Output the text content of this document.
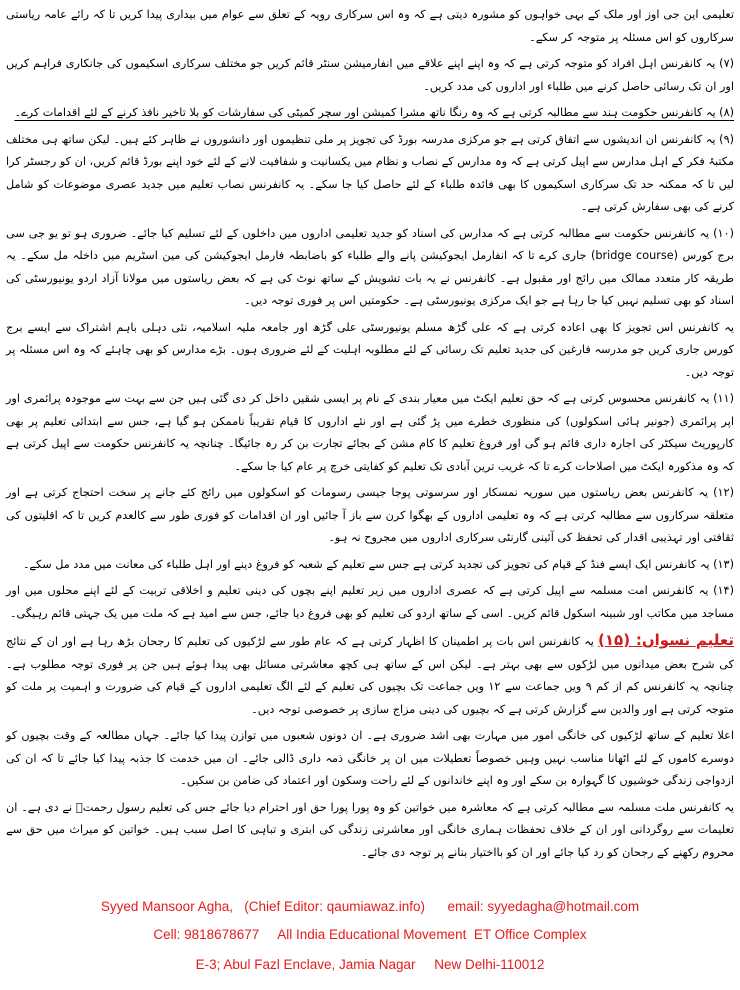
تعلیمی این جی اوز اور ملک کے بہی خواہوں کو مشورہ دیتی ہے کہ وہ اس سرکاری رویہ کے تعلق سے عوام میں بیداری پیدا کریں تا کہ رائے عامہ ریاستی سرکاروں کو اس مسئلہ پر متوجہ کر سکے۔

(۷) یہ کانفرنس اہل افراد کو متوجہ کرتی ہے کہ وہ اپنے اپنے علاقے میں انفارمیشن سنٹر قائم کریں جو مختلف سرکاری اسکیموں کی جانکاری فراہم کریں اور ان تک رسائی حاصل کرنے میں طلباء اور اداروں کی مدد کریں۔

(۸) یہ کانفرنس حکومت ہند سے مطالبہ کرتی ہے کہ وہ رنگا ناتھ مشرا کمیشن اور سچر کمیٹی کی سفارشات کو بلا تاخیر نافذ کرنے کے لئے اقدامات کرے۔

(۹) یہ کانفرنس ان اندیشوں سے اتفاق کرتی ہے جو مرکزی مدرسہ بورڈ کی تجویز پر ملی تنظیموں اور دانشوروں نے ظاہر کئے ہیں۔ لیکن ساتھ ہی مختلف مکتبۂ فکر کے اہل مدارس سے اپیل کرتی ہے کہ وہ مدارس کے نصاب و نظام میں یکسانیت و شفافیت لانے کے لئے خود اپنے بورڈ قائم کریں، ان کو رجسٹر کرا لیں تا کہ ممکنہ حد تک سرکاری اسکیموں کا بھی فائدہ طلباء کے لئے حاصل کیا جا سکے۔ یہ کانفرنس نصاب تعلیم میں جدید عصری موضوعات کو شامل کرنے کی بھی سفارش کرتی ہے۔

(۱۰) یہ کانفرنس حکومت سے مطالبہ کرتی ہے کہ مدارس کی اسناد کو جدید تعلیمی اداروں میں داخلوں کے لئے تسلیم کیا جائے۔ ضروری ہو تو یو جی سی برج کورس (bridge course) جاری کرے تا کہ انفارمل ایجوکیشن پانے والے طلباء کو باضابطہ فارمل ایجوکیشن کی مین اسٹریم میں داخلہ مل سکے۔ یہ طریقہ کار متعدد ممالک میں رائج اور مقبول ہے۔ کانفرنس نے یہ بات تشویش کے ساتھ نوٹ کی ہے کہ بعض ریاستوں میں مولانا آزاد اردو یونیورسٹی کی اسناد کو بھی تسلیم نہیں کیا جا رہا ہے جو ایک مرکزی یونیورسٹی ہے۔ حکومتیں اس پر فوری توجہ دیں۔

یہ کانفرنس اس تجویز کا بھی اعادہ کرتی ہے کہ علی گڑھ مسلم یونیورسٹی علی گڑھ اور جامعہ ملیہ اسلامیہ، نئی دہلی باہم اشتراک سے ایسے برج کورس جاری کریں جو مدرسہ فارغین کی جدید تعلیم تک رسائی کے لئے مطلوبہ اہلیت کے لئے ضروری ہوں۔ بڑے مدارس کو بھی چاہئے کہ وہ اس مسئلہ پر توجہ دیں۔

(۱۱) یہ کانفرنس محسوس کرتی ہے کہ حق تعلیم ایکٹ میں معیار بندی کے نام پر ایسی شقیں داخل کر دی گئی ہیں جن سے بہت سے موجودہ پرائمری اور اپر پرائمری (جونیر ہائی اسکولوں) کی منظوری خطرے میں پڑ گئی ہے اور نئے اداروں کا قیام تقریباً ناممکن ہو گیا ہے، جس سے ابتدائی تعلیم پر بھی کارپوریٹ سیکٹر کی اجارہ داری قائم ہو گی اور فروغ تعلیم کا کام مشن کے بجائے تجارت بن کر رہ جائیگا۔ چنانچہ یہ کانفرنس حکومت سے اپیل کرتی ہے کہ وہ مذکورہ ایکٹ میں اصلاحات کرے تا کہ غریب ترین آبادی تک تعلیم کو کفایتی خرچ پر عام کیا جا سکے۔

(۱۲) یہ کانفرنس بعض ریاستوں میں سوریہ نمسکار اور سرسوتی پوجا جیسی رسومات کو اسکولوں میں رائج کئے جانے پر سخت احتجاج کرتی ہے اور متعلقہ سرکاروں سے مطالبہ کرتی ہے کہ وہ تعلیمی اداروں کے بھگوا کرن سے باز آ جائیں اور ان اقدامات کو فوری طور سے کالعدم کریں تا کہ اقلیتوں کی ثقافتی اور تہذیبی اقدار کی تحفظ کی آئینی گارنٹی سرکاری اداروں میں مجروح نہ ہو۔

(۱۳) یہ کانفرنس ایک ایسے فنڈ کے قیام کی تجویز کی تجدید کرتی ہے جس سے تعلیم کے شعبہ کو فروغ دینے اور اہل طلباء کی معانت میں مدد مل سکے۔

(۱۴) یہ کانفرنس امت مسلمہ سے اپیل کرتی ہے کہ عصری اداروں میں زیر تعلیم اپنے بچوں کی دینی تعلیم و اخلاقی تربیت کے لئے اپنے محلوں میں اور مساجد میں مکاتب اور شبینہ اسکول قائم کریں۔ اسی کے ساتھ اردو کی تعلیم کو بھی فروغ دیا جائے، جس سے امید ہے کہ ملت میں یک جہتی قائم رہیگی۔

تعلیم نسواں: (۱۵) یہ کانفرنس اس بات پر اطمینان کا اظہار کرتی ہے کہ عام طور سے لڑکیوں کی تعلیم کا رجحان بڑھ رہا ہے اور ان کے نتائج کی شرح بعض میدانوں میں لڑکوں سے بھی بہتر ہے۔ لیکن اس کے ساتھ ہی کچھ معاشرتی مسائل بھی پیدا ہوئے ہیں جن پر فوری توجہ مطلوب ہے۔ چنانچہ یہ کانفرنس کم از کم ۹ ویں جماعت سے ۱۲ ویں جماعت تک بچیوں کی تعلیم کے لئے الگ تعلیمی اداروں کے قیام کی ضرورت و اہمیت پر ملت کو متوجہ کرتی ہے اور والدین سے گزارش کرتی ہے کہ بچیوں کی دینی مزاج سازی پر خصوصی توجہ دیں۔

اعلا تعلیم کے ساتھ لڑکیوں کی خانگی امور میں مہارت بھی اشد ضروری ہے۔ ان دونوں شعبوں میں توازن پیدا کیا جائے۔ جہاں مطالعہ کے وقت بچیوں کو دوسرے کاموں کے لئے اٹھانا مناسب نہیں وہیں خصوصاً تعطیلات میں ان پر خانگی ذمہ داری ڈالی جائے۔ ان میں خدمت کا جذبہ پیدا کیا جائے تا کہ ان کی ازدواجی زندگی خوشیوں کا گہوارہ بن سکے اور وہ اپنے خاندانوں کے لئے راحت وسکون اور اعتماد کی ضامن بن سکیں۔

یہ کانفرنس ملت مسلمہ سے مطالبہ کرتی ہے کہ معاشرہ میں خواتین کو وہ پورا پورا حق اور احترام دیا جائے جس کی تعلیم رسول رحمتؐ نے دی ہے۔ ان تعلیمات سے روگردانی اور ان کے خلاف تحفظات ہماری خانگی اور معاشرتی زندگی کی ابتری و تباہی کا اصل سبب ہیں۔ خواتین کو میراث میں حق سے محروم رکھنے کے رجحان کو رد کیا جائے اور ان کو بااختیار بنانے پر توجہ دی جائے۔

Syyed Mansoor Agha,   (Chief Editor: qaumiawaz.info)      email: syyedagha@hotmail.com
Cell: 9818678677     All India Educational Movement  ET Office Complex
E-3; Abul Fazl Enclave, Jamia Nagar     New Delhi-110012
